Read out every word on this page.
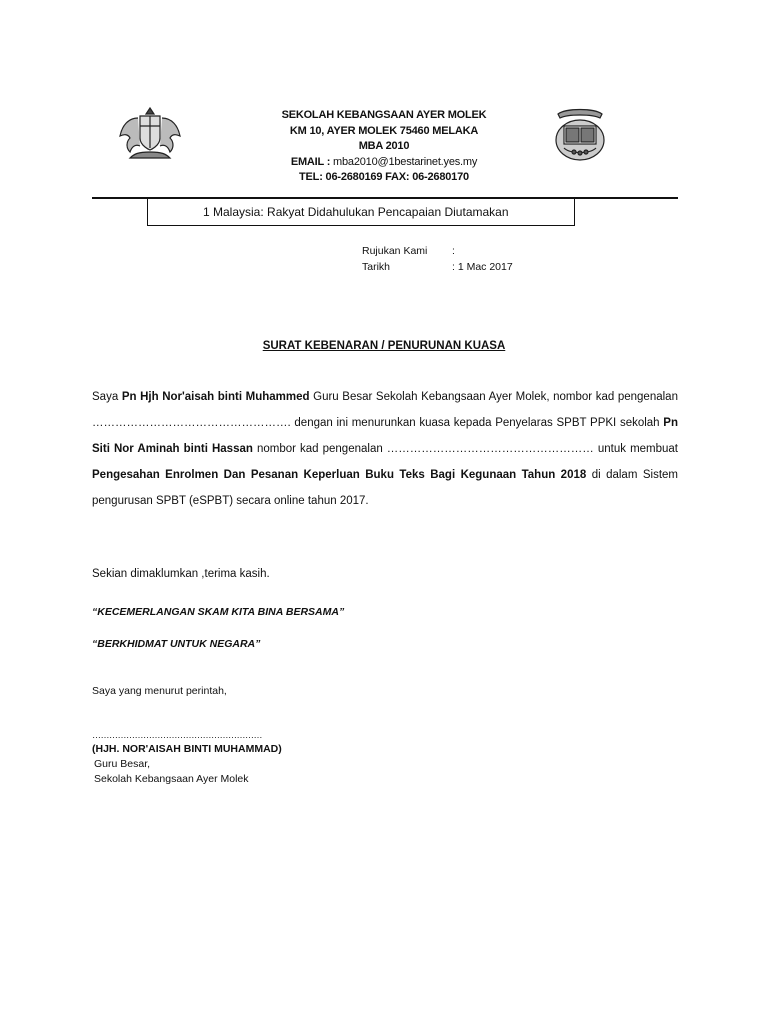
SEKOLAH KEBANGSAAN AYER MOLEK
KM 10, AYER MOLEK 75460 MELAKA
MBA 2010
EMAIL : mba2010@1bestarinet.yes.my
TEL: 06-2680169 FAX: 06-2680170
1 Malaysia: Rakyat Didahulukan Pencapaian Diutamakan
Rujukan Kami :
Tarikh	: 1 Mac 2017
SURAT KEBENARAN / PENURUNAN KUASA
Saya Pn Hjh Nor'aisah binti Muhammed Guru Besar Sekolah Kebangsaan Ayer Molek, nombor kad pengenalan ……………………………………………. dengan ini menurunkan kuasa kepada Penyelaras SPBT PPKI sekolah Pn Siti Nor Aminah binti Hassan nombor kad pengenalan ……………………………………………… untuk membuat Pengesahan Enrolmen Dan Pesanan Keperluan Buku Teks Bagi Kegunaan Tahun 2018 di dalam Sistem pengurusan SPBT (eSPBT) secara online tahun 2017.
Sekian dimaklumkan ,terima kasih.
“KECEMERLANGAN SKAM KITA BINA BERSAMA”
“BERKHIDMAT UNTUK NEGARA”
Saya yang menurut perintah,
……………………………………………………
(HJH. NOR'AISAH BINTI MUHAMMAD)
Guru Besar,
Sekolah Kebangsaan Ayer Molek
